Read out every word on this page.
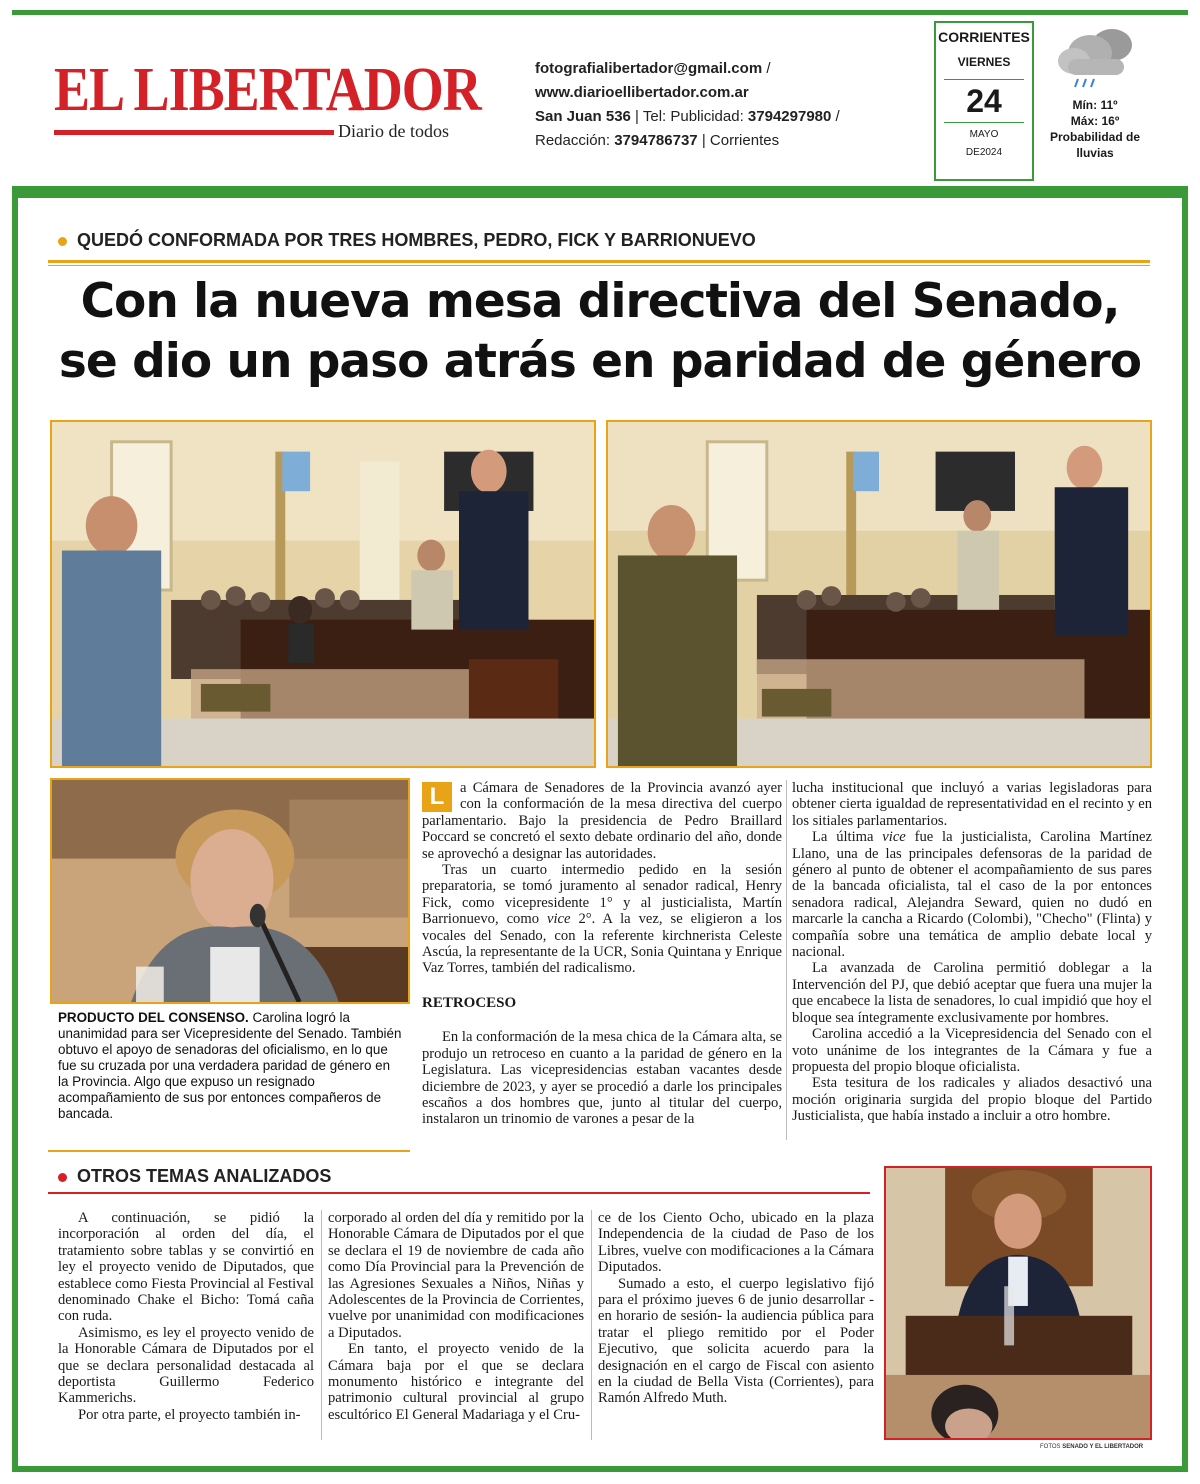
EL LIBERTADOR
Diario de todos
fotografialibertador@gmail.com /
www.diarioellibertador.com.ar
San Juan 536 | Tel: Publicidad: 3794297980 /
Redacción: 3794786737 | Corrientes
CORRIENTES
VIERNES
24
MAYO
DE2024
Mín: 11º
Máx: 16º
Probabilidad de lluvias
QUEDÓ CONFORMADA POR TRES HOMBRES, PEDRO, FICK Y BARRIONUEVO
Con la nueva mesa directiva del Senado,
se dio un paso atrás en paridad de género
PRODUCTO DEL CONSENSO. Carolina logró la unanimidad para ser Vicepresidente del Senado. También obtuvo el apoyo de senadoras del oficialismo, en lo que fue su cruzada por una verdadera paridad de género en la Provincia. Algo que expuso un resignado acompañamiento de sus por entonces compañeros de bancada.

L	a Cámara de Senadores de la Provincia avanzó ayer con la conformación de la mesa directiva del cuerpo parlamentario. Bajo la presidencia de Pedro Braillard Poccard se concretó el sexto debate ordinario del año, donde se aprovechó a designar las autoridades.

Tras un cuarto intermedio pedido en la sesión preparatoria, se tomó juramento al senador radical, Henry Fick, como vicepresidente 1° y al justicialista, Martín Barrionuevo, como vice 2°. A la vez, se eligieron a los vocales del Senado, con la referente kirchnerista Celeste Ascúa, la representante de la UCR, Sonia Quintana y Enrique Vaz Torres, también del radicalismo.

RETROCESO

En la conformación de la mesa chica de la Cámara alta, se produjo un retroceso en cuanto a la paridad de género en la Legislatura. Las vicepresidencias estaban vacantes desde diciembre de 2023, y ayer se procedió a darle los principales escaños a dos hombres que, junto al titular del cuerpo, instalaron un trinomio de varones a pesar de la

lucha institucional que incluyó a varias legisladoras para obtener cierta igualdad de representatividad en el recinto y en los sitiales parlamentarios.

La última vice fue la justicialista, Carolina Martínez Llano, una de las principales defensoras de la paridad de género al punto de obtener el acompañamiento de sus pares de la bancada oficialista, tal el caso de la por entonces senadora radical, Alejandra Seward, quien no dudó en marcarle la cancha a Ricardo (Colombi), "Checho" (Flinta) y compañía sobre una temática de amplio debate local y nacional.

La avanzada de Carolina permitió doblegar a la Intervención del PJ, que debió aceptar que fuera una mujer la que encabece la lista de senadores, lo cual impidió que hoy el bloque sea íntegramente exclusivamente por hombres.

Carolina accedió a la Vicepresidencia del Senado con el voto unánime de los integrantes de la Cámara y fue a propuesta del propio bloque oficialista.

Esta tesitura de los radicales y aliados desactivó una moción originaria surgida del propio bloque del Partido Justicialista, que había instado a incluir a otro hombre.

OTROS TEMAS ANALIZADOS

A continuación, se pidió la incorporación al orden del día, el tratamiento sobre tablas y se convirtió en ley el proyecto venido de Diputados, que establece como Fiesta Provincial al Festival denominado Chake el Bicho: Tomá caña con ruda.

Asimismo, es ley el proyecto venido de la Honorable Cámara de Diputados por el que se declara personalidad destacada al deportista Guillermo Federico Kammerichs.

Por otra parte, el proyecto también in-

corporado al orden del día y remitido por la Honorable Cámara de Diputados por el que se declara el 19 de noviembre de cada año como Día Provincial para la Prevención de las Agresiones Sexuales a Niños, Niñas y Adolescentes de la Provincia de Corrientes, vuelve por unanimidad con modificaciones a Diputados.

En tanto, el proyecto venido de la Cámara baja por el que se declara monumento histórico e integrante del patrimonio cultural provincial al grupo escultórico El General Madariaga y el Cru-

ce de los Ciento Ocho, ubicado en la plaza Independencia de la ciudad de Paso de los Libres, vuelve con modificaciones a la Cámara Diputados.

Sumado a esto, el cuerpo legislativo fijó para el próximo jueves 6 de junio desarrollar -en horario de sesión- la audiencia pública para tratar el pliego remitido por el Poder Ejecutivo, que solicita acuerdo para la designación en el cargo de Fiscal con asiento en la ciudad de Bella Vista (Corrientes), para Ramón Alfredo Muth.

FOTOS SENADO Y EL LIBERTADOR
